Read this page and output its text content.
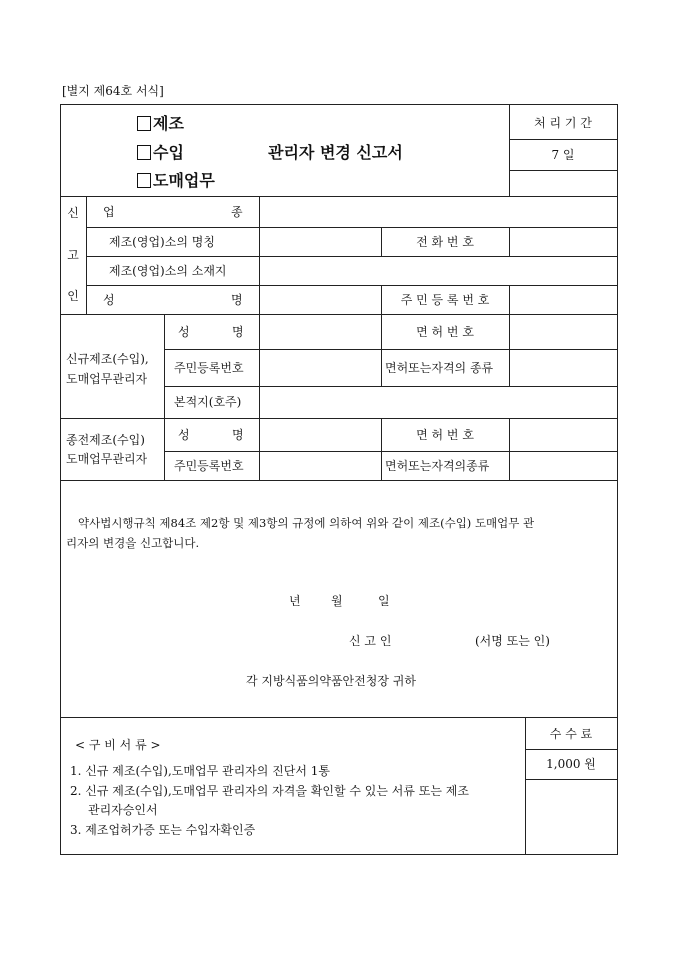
[별지 제64호 서식]
제조
수입
도매업무
관리자 변경 신고서
처 리 기 간
7 일
신
고
인
업	종
제조(영업)소의 명칭	전 화 번 호
제조(영업)소의 소재지
성	명	주 민 등 록 번 호
신규제조(수입),
도매업무관리자
성	명	면 허 번 호
주민등록번호	면허또는자격의 종류
본적지(호주)
종전제조(수입)
도매업무관리자
성	명	면 허 번 호
주민등록번호	면허또는자격의종류
약사법시행규칙 제84조 제2항 및 제3항의 규정에 의하여 위와 같이 제조(수입) 도매업무 관
리자의 변경을 신고합니다.
년	월	일
신 고 인	(서명 또는 인)
각 지방식품의약품안전청장 귀하
< 구 비 서 류 >
1. 신규 제조(수입),도매업무 관리자의 진단서 1통
2. 신규 제조(수입),도매업무 관리자의 자격을 확인할 수 있는 서류 또는 제조
관리자승인서
3. 제조업허가증 또는 수입자확인증
수 수 료
1,000 원
